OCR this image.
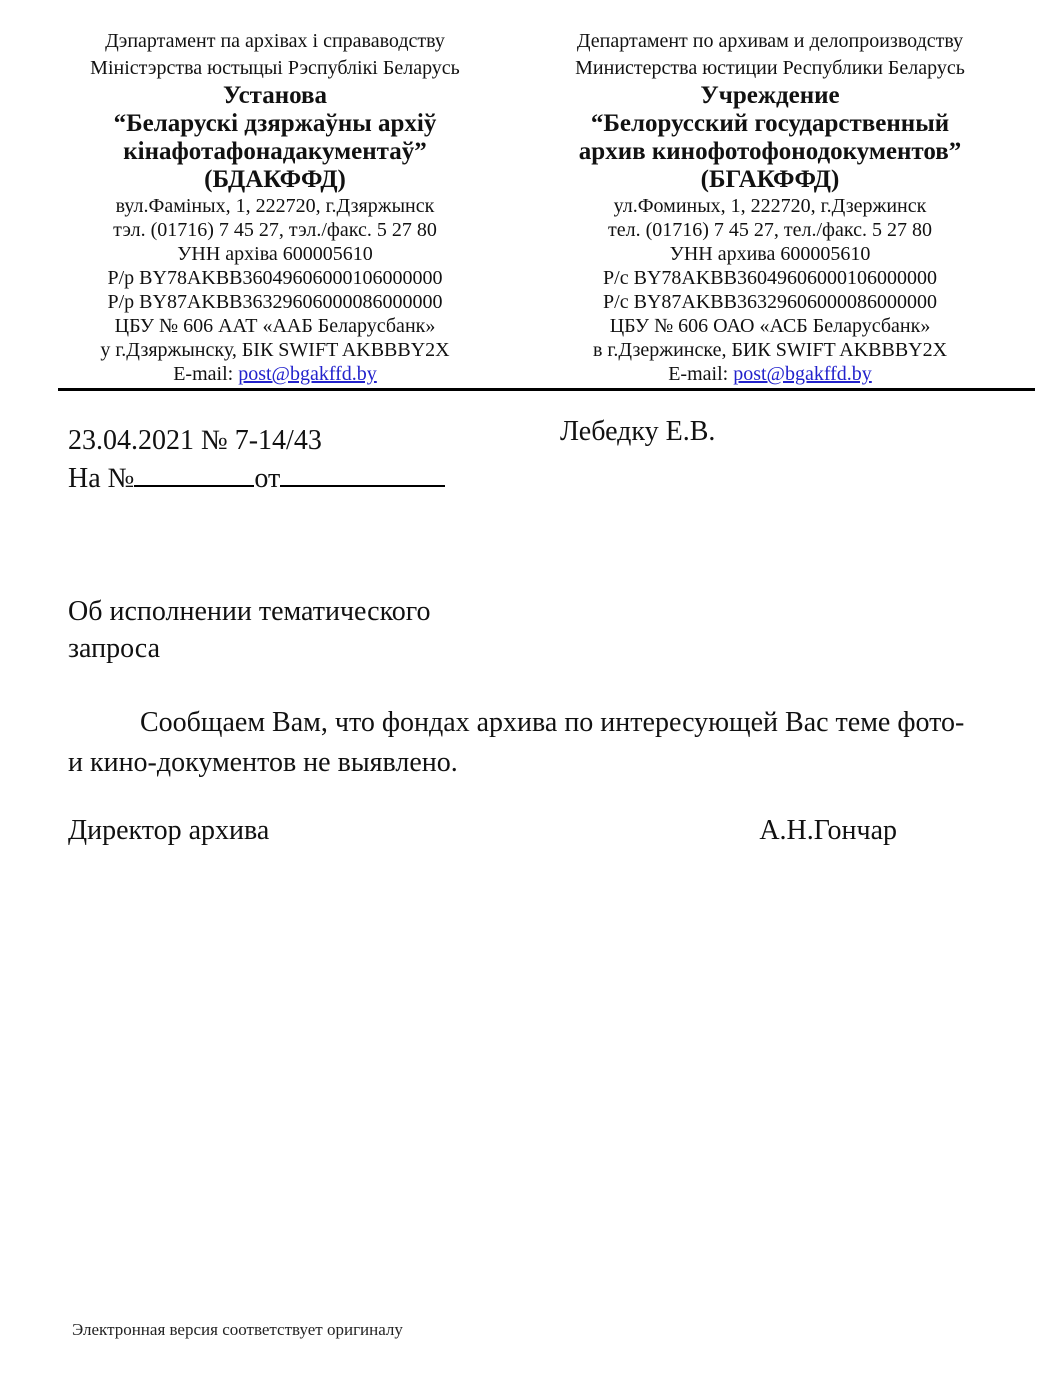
Дэпартамент па архівах і справаводству
Міністэрства юстыцыі Рэспублікі Беларусь
Установа
“Беларускі дзяржаўны архіў
кінафотафонадакументаў”
(БДАКФФД)
вул.Фаміных, 1, 222720, г.Дзяржынск
тэл. (01716) 7 45 27, тэл./факс. 5 27 80
УНН архіва 600005610
Р/р BY78AKBB36049606000106000000
Р/р BY87AKBB36329606000086000000
ЦБУ № 606 ААТ «ААБ Беларусбанк»
у г.Дзяржынску, БІК SWIFT AKBBBY2X
E-mail: post@bgakffd.by
Департамент по архивам и делопроизводству
Министерства юстиции Республики Беларусь
Учреждение
“Белорусский государственный
архив кинофотофонодокументов”
(БГАКФФД)
ул.Фоминых, 1, 222720, г.Дзержинск
тел. (01716) 7 45 27, тел./факс. 5 27 80
УНН архива 600005610
Р/с BY78AKBB36049606000106000000
Р/с BY87AKBB36329606000086000000
ЦБУ № 606 ОАО «АСБ Беларусбанк»
в г.Дзержинске, БИК SWIFT AKBBBY2X
E-mail: post@bgakffd.by
23.04.2021 № 7-14/43
На №	от
Лебедку Е.В.
Об исполнении тематического
запроса
Сообщаем Вам, что фондах архива по интересующей Вас теме фото-
и кино-документов не выявлено.
Директор архива	А.Н.Гончар
Электронная версия соответствует оригиналу
